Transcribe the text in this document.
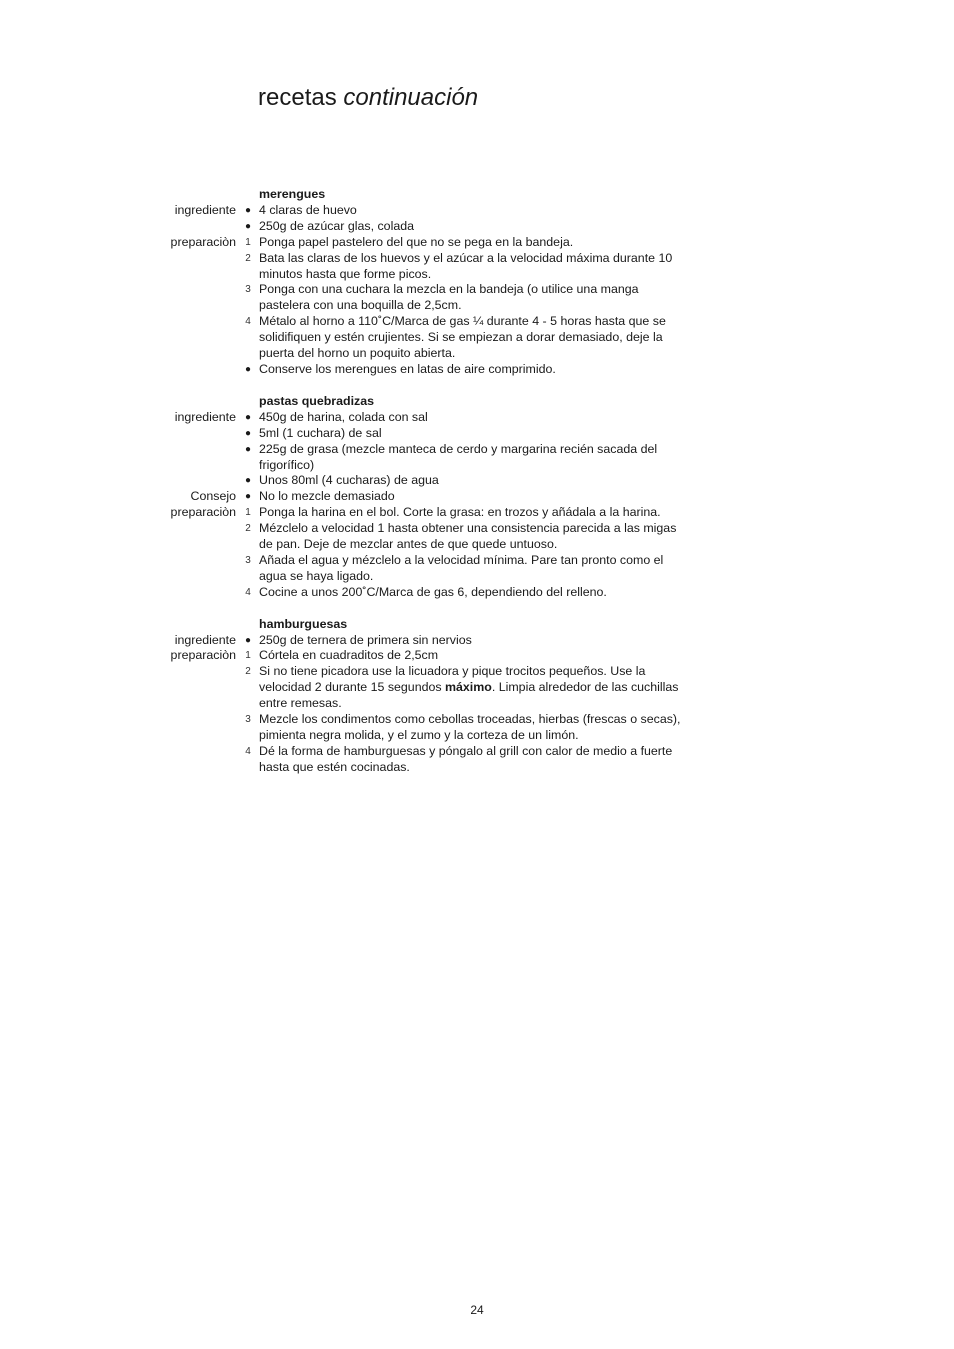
recetas continuación
merengues
ingrediente ● 4 claras de huevo
● 250g de azúcar glas, colada
preparaciòn 1 Ponga papel pastelero del que no se pega en la bandeja.
2 Bata las claras de los huevos y el azúcar a la velocidad máxima durante 10 minutos hasta que forme picos.
3 Ponga con una cuchara la mezcla en la bandeja (o utilice una manga pastelera con una boquilla de 2,5cm.
4 Métalo al horno a 110˚C/Marca de gas ¼ durante 4 - 5 horas hasta que se solidifiquen y estén crujientes. Si se empiezan a dorar demasiado, deje la puerta del horno un poquito abierta.
● Conserve los merengues en latas de aire comprimido.
pastas quebradizas
ingrediente ● 450g de harina, colada con sal
● 5ml (1 cuchara) de sal
● 225g de grasa (mezcle manteca de cerdo y margarina recién sacada del frigorífico)
● Unos 80ml (4 cucharas) de agua
Consejo ● No lo mezcle demasiado
preparaciòn 1 Ponga la harina en el bol. Corte la grasa: en trozos y añádala a la harina.
2 Mézclelo a velocidad 1 hasta obtener una consistencia parecida a las migas de pan. Deje de mezclar antes de que quede untuoso.
3 Añada el agua y mézclelo a la velocidad mínima. Pare tan pronto como el agua se haya ligado.
4 Cocine a unos 200˚C/Marca de gas 6, dependiendo del relleno.
hamburguesas
ingrediente ● 250g de ternera de primera sin nervios
preparaciòn 1 Córtela en cuadraditos de 2,5cm
2 Si no tiene picadora use la licuadora y pique trocitos pequeños. Use la velocidad 2 durante 15 segundos máximo. Limpia alrededor de las cuchillas entre remesas.
3 Mezcle los condimentos como cebollas troceadas, hierbas (frescas o secas), pimienta negra molida, y el zumo y la corteza de un limón.
4 Dé la forma de hamburguesas y póngalo al grill con calor de medio a fuerte hasta que estén cocinadas.
24
